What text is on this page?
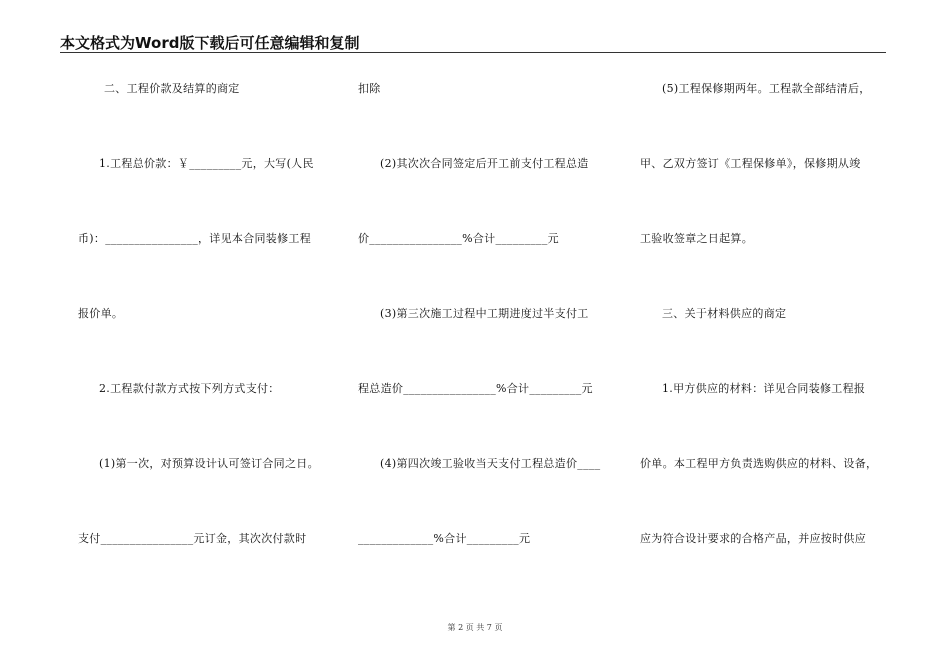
本文格式为Word版下载后可任意编辑和复制
二、工程价款及结算的商定
1.工程总价款：￥_________元，大写(人民
币)：________________，详见本合同装修工程
报价单。
2.工程款付款方式按下列方式支付：
(1)第一次，对预算设计认可签订合同之日。
支付________________元订金，其次次付款时
扣除
(2)其次次合同签定后开工前支付工程总造
价________________%合计_________元
(3)第三次施工过程中工期进度过半支付工
程总造价________________%合计_________元
(4)第四次竣工验收当天支付工程总造价____
_____________%合计_________元
(5)工程保修期两年。工程款全部结清后，
甲、乙双方签订《工程保修单》，保修期从竣
工验收签章之日起算。
三、关于材料供应的商定
1.甲方供应的材料：详见合同装修工程报
价单。本工程甲方负责选购供应的材料、设备，
应为符合设计要求的合格产品，并应按时供应
第 2 页 共 7 页
